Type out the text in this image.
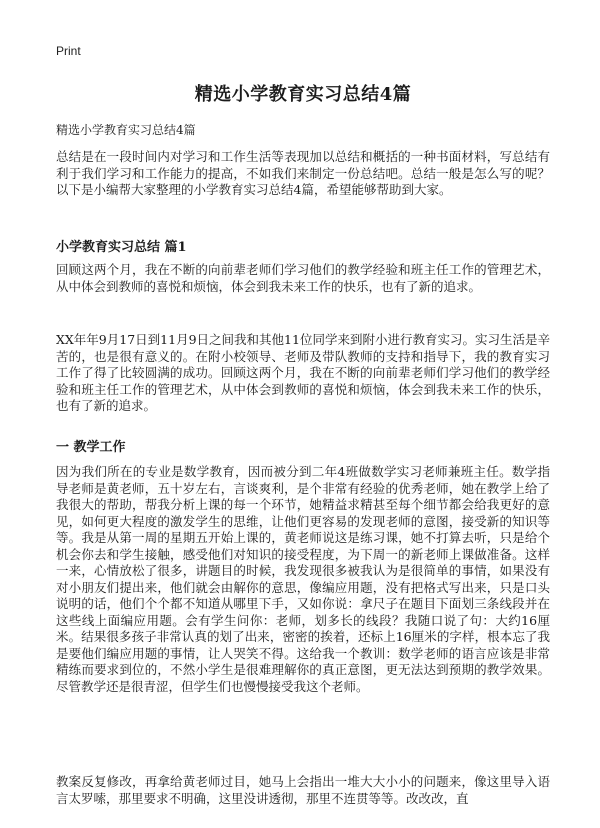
Print
精选小学教育实习总结4篇

精选小学教育实习总结4篇

总结是在一段时间内对学习和工作生活等表现加以总结和概括的一种书面材料，写总结有利于我们学习和工作能力的提高，不如我们来制定一份总结吧。总结一般是怎么写的呢？以下是小编帮大家整理的小学教育实习总结4篇，希望能够帮助到大家。

小学教育实习总结 篇1

回顾这两个月，我在不断的向前辈老师们学习他们的教学经验和班主任工作的管理艺术，从中体会到教师的喜悦和烦恼，体会到我未来工作的快乐，也有了新的追求。

XX年年9月17日到11月9日之间我和其他11位同学来到附小进行教育实习。实习生活是辛苦的，也是很有意义的。在附小校领导、老师及带队教师的支持和指导下，我的教育实习工作了得了比较圆满的成功。回顾这两个月，我在不断的向前辈老师们学习他们的教学经验和班主任工作的管理艺术，从中体会到教师的喜悦和烦恼，体会到我未来工作的快乐，也有了新的追求。

一 教学工作

因为我们所在的专业是数学教育，因而被分到二年4班做数学实习老师兼班主任。数学指导老师是黄老师，五十岁左右，言谈爽利，是个非常有经验的优秀老师，她在教学上给了我很大的帮助，帮我分析上课的每一个环节，她精益求精甚至每个细节都会给我更好的意见，如何更大程度的激发学生的思维，让他们更容易的发现老师的意图，接受新的知识等等。我是从第一周的星期五开始上课的，黄老师说这是练习课，她不打算去听，只是给个机会你去和学生接触，感受他们对知识的接受程度，为下周一的新老师上课做准备。这样一来，心情放松了很多，讲题目的时候，我发现很多被我认为是很简单的事情，如果没有对小朋友们提出来，他们就会由解你的意思，像编应用题，没有把格式写出来，只是口头说明的话，他们个个都不知道从哪里下手，又如你说：拿尺子在题目下面划三条线段并在这些线上面编应用题。会有学生问你：老师，划多长的线段？我随口说了句：大约16厘米。结果很多孩子非常认真的划了出来，密密的挨着，还标上16厘米的字样，根本忘了我是要他们编应用题的事情，让人哭笑不得。这给我一个教训：数学老师的语言应该是非常精练而要求到位的，不然小学生是很难理解你的真正意图，更无法达到预期的教学效果。尽管教学还是很青涩，但学生们也慢慢接受我这个老师。

教案反复修改，再拿给黄老师过目，她马上会指出一堆大大小小的问题来，像这里导入语言太罗嗦，那里要求不明确，这里没讲透彻，那里不连贯等等。改改改，直
